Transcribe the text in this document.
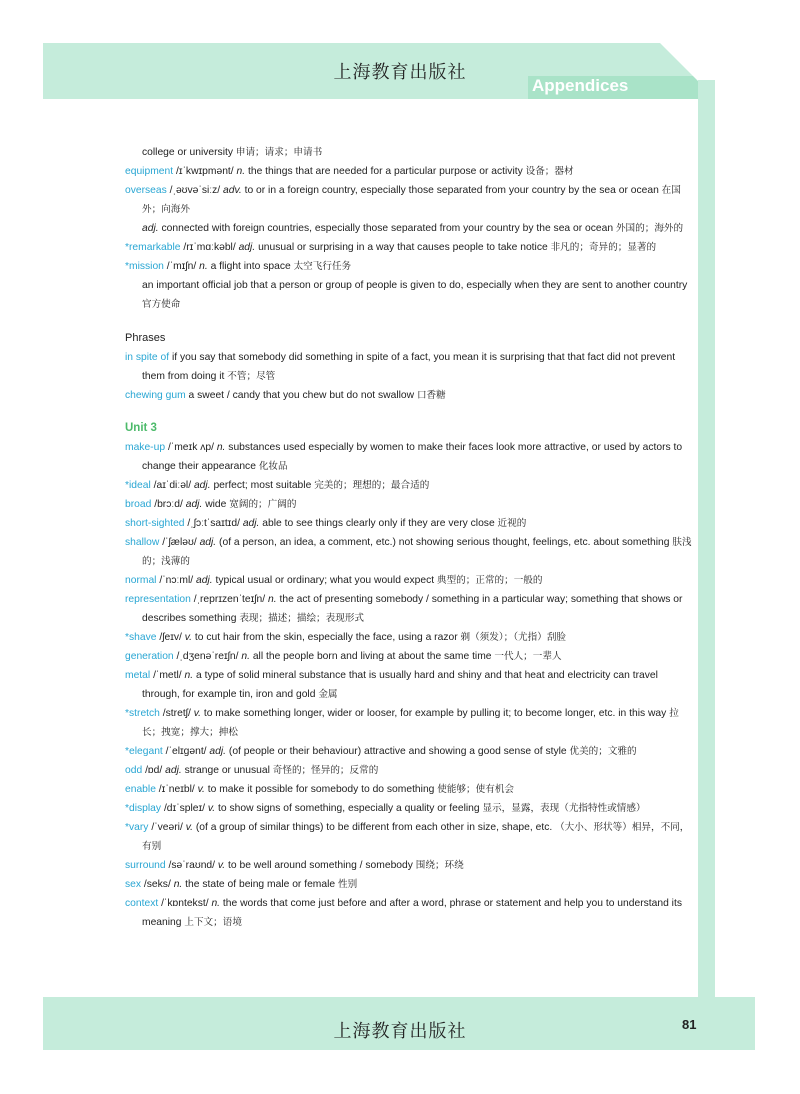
上海教育出版社
Appendices
college or university 申请；请求；申请书
equipment /ɪˈkwɪpmənt/ n. the things that are needed for a particular purpose or activity 设备；器材
overseas /ˌəʊvəˈsiːz/ adv. to or in a foreign country, especially those separated from your country by the sea or ocean 在国外；向海外
adj. connected with foreign countries, especially those separated from your country by the sea or ocean 外国的；海外的
*remarkable /rɪˈmɑːkəbl/ adj. unusual or surprising in a way that causes people to take notice 非凡的；奇异的；显著的
*mission /ˈmɪʃn/ n. a flight into space 太空飞行任务
an important official job that a person or group of people is given to do, especially when they are sent to another country 官方使命
Phrases
in spite of if you say that somebody did something in spite of a fact, you mean it is surprising that that fact did not prevent them from doing it 不管；尽管
chewing gum a sweet / candy that you chew but do not swallow 口香糖
Unit 3
make-up /ˈmeɪk ʌp/ n. substances used especially by women to make their faces look more attractive, or used by actors to change their appearance 化妆品
*ideal /aɪˈdiːəl/ adj. perfect; most suitable 完美的；理想的；最合适的
broad /brɔːd/ adj. wide 宽阔的；广阔的
short-sighted /ˌʃɔːtˈsaɪtɪd/ adj. able to see things clearly only if they are very close 近视的
shallow /ˈʃæləʊ/ adj. (of a person, an idea, a comment, etc.) not showing serious thought, feelings, etc. about something 肤浅的；浅薄的
normal /ˈnɔːml/ adj. typical usual or ordinary; what you would expect 典型的；正常的；一般的
representation /ˌreprɪzenˈteɪʃn/ n. the act of presenting somebody / something in a particular way; something that shows or describes something 表现；描述；描绘；表现形式
*shave /ʃeɪv/ v. to cut hair from the skin, especially the face, using a razor 剃（须发）；（尤指）刮脸
generation /ˌdʒenəˈreɪʃn/ n. all the people born and living at about the same time 一代人；一辈人
metal /ˈmetl/ n. a type of solid mineral substance that is usually hard and shiny and that heat and electricity can travel through, for example tin, iron and gold 金属
*stretch /stretʃ/ v. to make something longer, wider or looser, for example by pulling it; to become longer, etc. in this way 拉长；拽宽；撑大；抻松
*elegant /ˈelɪgənt/ adj. (of people or their behaviour) attractive and showing a good sense of style 优美的；文雅的
odd /ɒd/ adj. strange or unusual 奇怪的；怪异的；反常的
enable /ɪˈneɪbl/ v. to make it possible for somebody to do something 使能够；使有机会
*display /dɪˈspleɪ/ v. to show signs of something, especially a quality or feeling 显示，显露，表现（尤指特性或情感）
*vary /ˈveəri/ v. (of a group of similar things) to be different from each other in size, shape, etc. （大小、形状等）相异，不同，有别
surround /səˈraʊnd/ v. to be well around something / somebody 围绕；环绕
sex /seks/ n. the state of being male or female 性别
context /ˈkɒntekst/ n. the words that come just before and after a word, phrase or statement and help you to understand its meaning 上下文；语境
上海教育出版社	81
